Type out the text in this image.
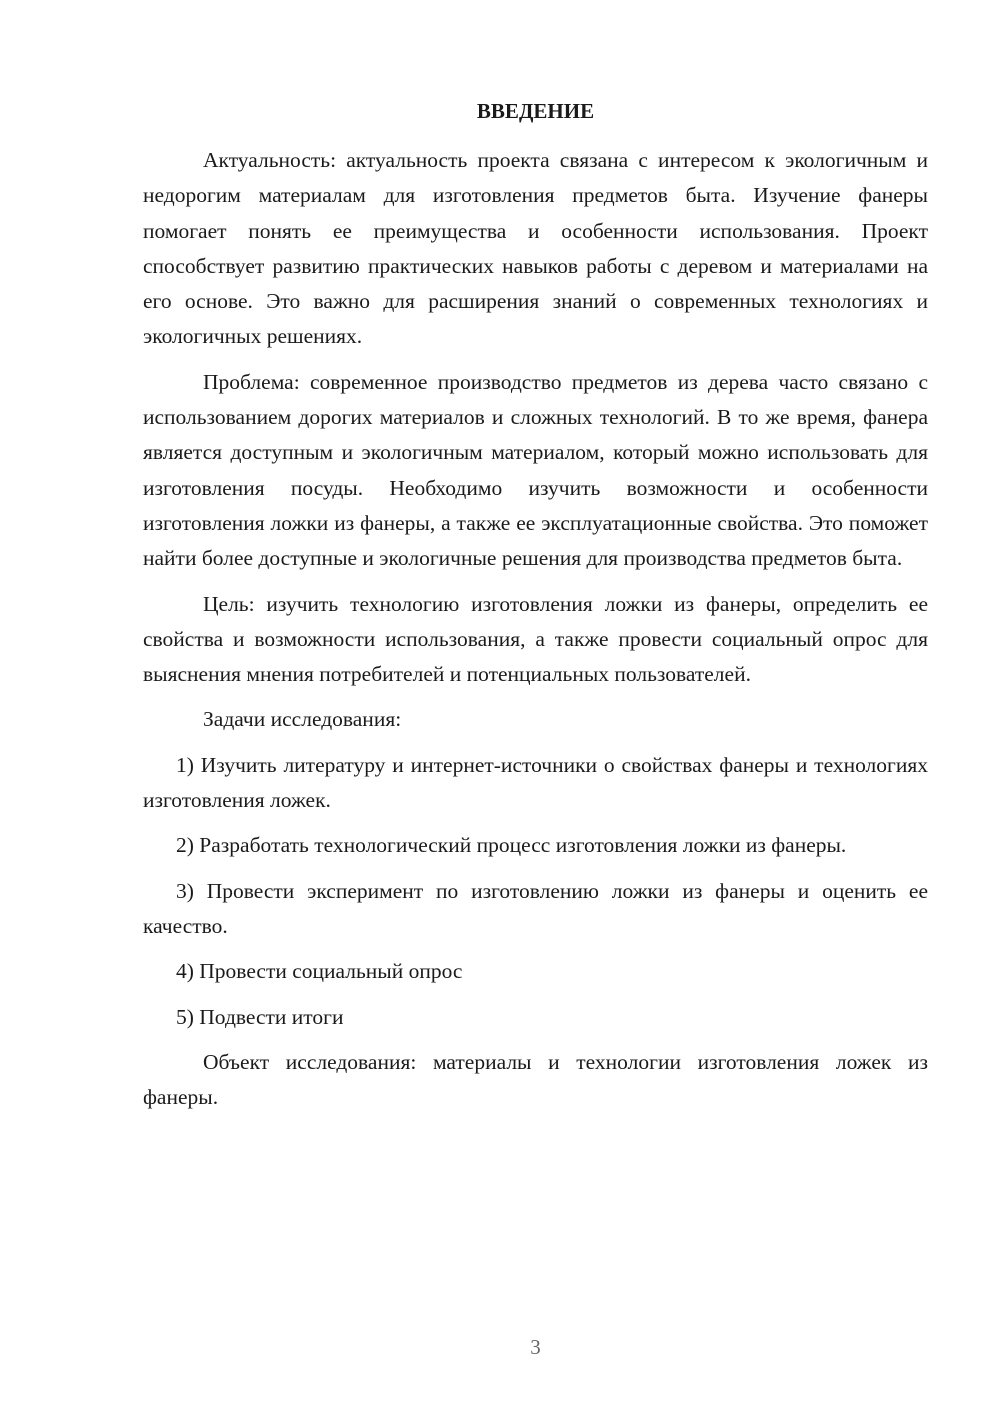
ВВЕДЕНИЕ

Актуальность: актуальность проекта связана с интересом к экологичным и недорогим материалам для изготовления предметов быта. Изучение фанеры помогает понять ее преимущества и особенности использования. Проект способствует развитию практических навыков работы с деревом и материалами на его основе. Это важно для расширения знаний о современных технологиях и экологичных решениях.

Проблема: современное производство предметов из дерева часто связано с использованием дорогих материалов и сложных технологий. В то же время, фанера является доступным и экологичным материалом, который можно использовать для изготовления посуды. Необходимо изучить возможности и особенности изготовления ложки из фанеры, а также ее эксплуатационные свойства. Это поможет найти более доступные и экологичные решения для производства предметов быта.

Цель: изучить технологию изготовления ложки из фанеры, определить ее свойства и возможности использования, а также провести социальный опрос для выяснения мнения потребителей и потенциальных пользователей.

Задачи исследования:

1) Изучить литературу и интернет-источники о свойствах фанеры и технологиях изготовления ложек.

2) Разработать технологический процесс изготовления ложки из фанеры.

3) Провести эксперимент по изготовлению ложки из фанеры и оценить ее качество.

4) Провести социальный опрос

5) Подвести итоги

Объект исследования: материалы и технологии изготовления ложек из фанеры.

3
